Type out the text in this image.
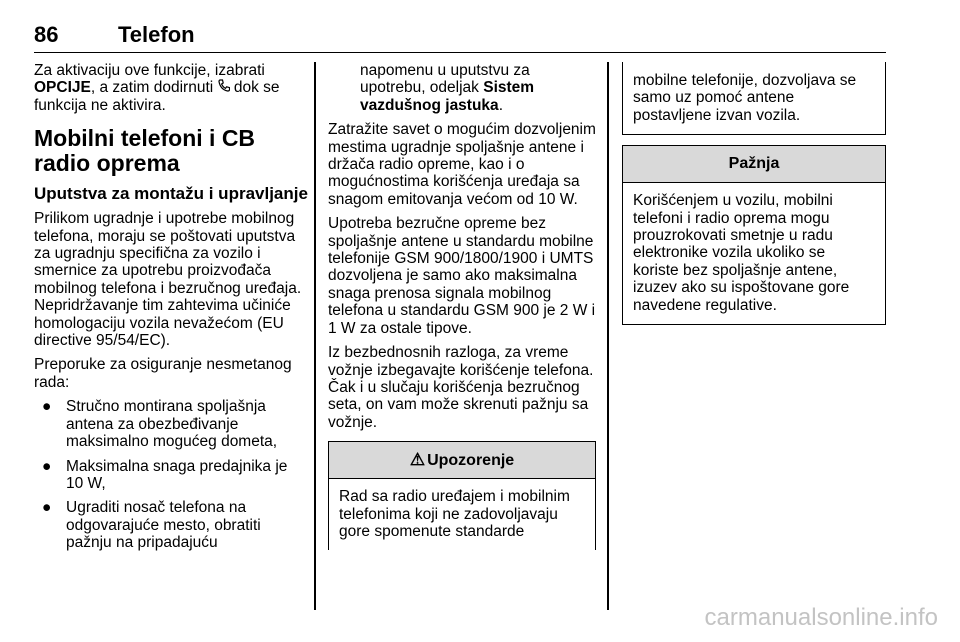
86	Telefon

Za aktivaciju ove funkcije, izabrati OPCIJE, a zatim dodirnuti  dok se funkcija ne aktivira.

Mobilni telefoni i CB radio oprema
Uputstva za montažu i upravljanje

Prilikom ugradnje i upotrebe mobilnog telefona, moraju se poštovati uputstva za ugradnju specifična za vozilo i smernice za upotrebu proizvođača mobilnog telefona i bezručnog uređaja. Nepridržavanje tim zahtevima učiniće homologaciju vozila nevažećom (EU directive 95/54/EC).

Preporuke za osiguranje nesmetanog rada:

● Stručno montirana spoljašnja antena za obezbeđivanje maksimalno mogućeg dometa,
● Maksimalna snaga predajnika je 10 W,
● Ugraditi nosač telefona na odgovarajuće mesto, obratiti pažnju na pripadajuću

napomenu u uputstvu za upotrebu, odeljak Sistem vazdušnog jastuka.

Zatražite savet o mogućim dozvoljenim mestima ugradnje spoljašnje antene i držača radio opreme, kao i o mogućnostima korišćenja uređaja sa snagom emitovanja većom od 10 W.

Upotreba bezručne opreme bez spoljašnje antene u standardu mobilne telefonije GSM 900/1800/1900 i UMTS dozvoljena je samo ako maksimalna snaga prenosa signala mobilnog telefona u standardu GSM 900 je 2 W i 1 W za ostale tipove.

Iz bezbednosnih razloga, za vreme vožnje izbegavajte korišćenje telefona. Čak i u slučaju korišćenja bezručnog seta, on vam može skrenuti pažnju sa vožnje.

⚠ Upozorenje
Rad sa radio uređajem i mobilnim telefonima koji ne zadovoljavaju gore spomenute standarde
mobilne telefonije, dozvoljava se samo uz pomoć antene postavljene izvan vozila.
Pažnja
Korišćenjem u vozilu, mobilni telefoni i radio oprema mogu prouzrokovati smetnje u radu elektronike vozila ukoliko se koriste bez spoljašnje antene, izuzev ako su ispoštovane gore navedene regulative.
carmanualsonline.info
